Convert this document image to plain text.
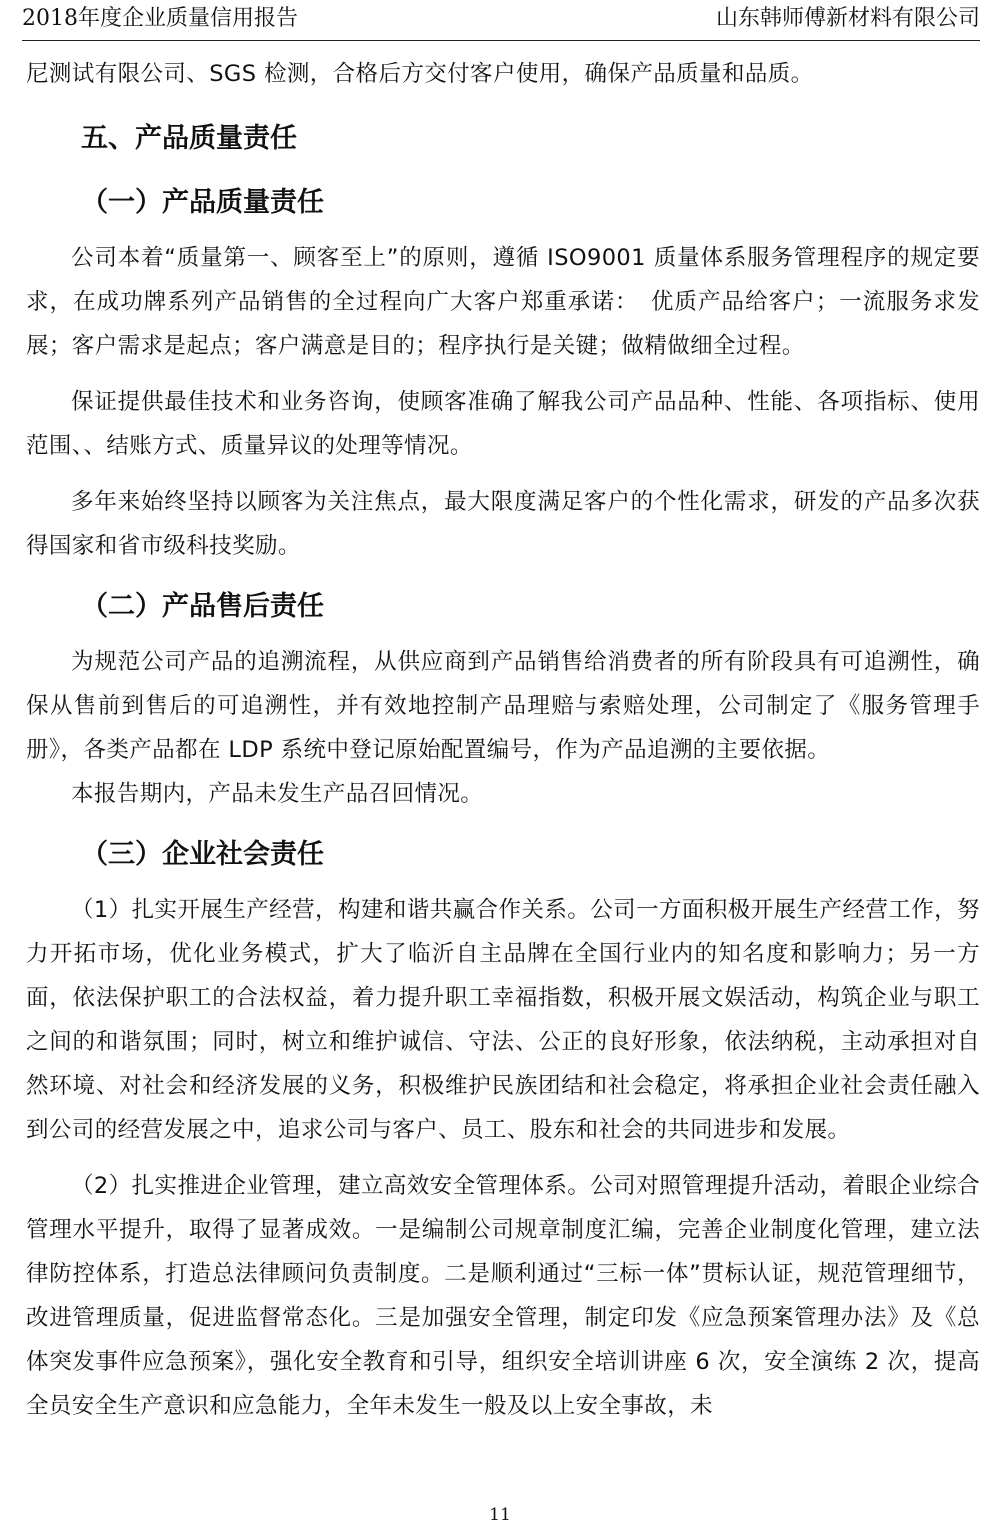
2018年度企业质量信用报告	山东韩师傅新材料有限公司

尼测试有限公司、SGS 检测，合格后方交付客户使用，确保产品质量和品质。

五、产品质量责任
（一）产品质量责任

公司本着“质量第一、顾客至上”的原则，遵循 ISO9001 质量体系服务管理程序的规定要求，在成功牌系列产品销售的全过程向广大客户郑重承诺：　优质产品给客户；一流服务求发展；客户需求是起点；客户满意是目的；程序执行是关键；做精做细全过程。

保证提供最佳技术和业务咨询，使顾客准确了解我公司产品品种、性能、各项指标、使用范围、、结账方式、质量异议的处理等情况。

多年来始终坚持以顾客为关注焦点，最大限度满足客户的个性化需求，研发的产品多次获得国家和省市级科技奖励。

（二）产品售后责任

为规范公司产品的追溯流程，从供应商到产品销售给消费者的所有阶段具有可追溯性，确保从售前到售后的可追溯性，并有效地控制产品理赔与索赔处理，公司制定了《服务管理手册》，各类产品都在 LDP 系统中登记原始配置编号，作为产品追溯的主要依据。

本报告期内，产品未发生产品召回情况。

（三）企业社会责任

（1）扎实开展生产经营，构建和谐共赢合作关系。公司一方面积极开展生产经营工作，努力开拓市场，优化业务模式，扩大了临沂自主品牌在全国行业内的知名度和影响力；另一方面，依法保护职工的合法权益，着力提升职工幸福指数，积极开展文娱活动，构筑企业与职工之间的和谐氛围；同时，树立和维护诚信、守法、公正的良好形象，依法纳税，主动承担对自然环境、对社会和经济发展的义务，积极维护民族团结和社会稳定，将承担企业社会责任融入到公司的经营发展之中，追求公司与客户、员工、股东和社会的共同进步和发展。

（2）扎实推进企业管理，建立高效安全管理体系。公司对照管理提升活动，着眼企业综合管理水平提升，取得了显著成效。一是编制公司规章制度汇编，完善企业制度化管理，建立法律防控体系，打造总法律顾问负责制度。二是顺利通过“三标一体”贯标认证，规范管理细节，改进管理质量，促进监督常态化。三是加强安全管理，制定印发《应急预案管理办法》及《总体突发事件应急预案》，强化安全教育和引导，组织安全培训讲座 6 次，安全演练 2 次，提高全员安全生产意识和应急能力，全年未发生一般及以上安全事故，未

11
